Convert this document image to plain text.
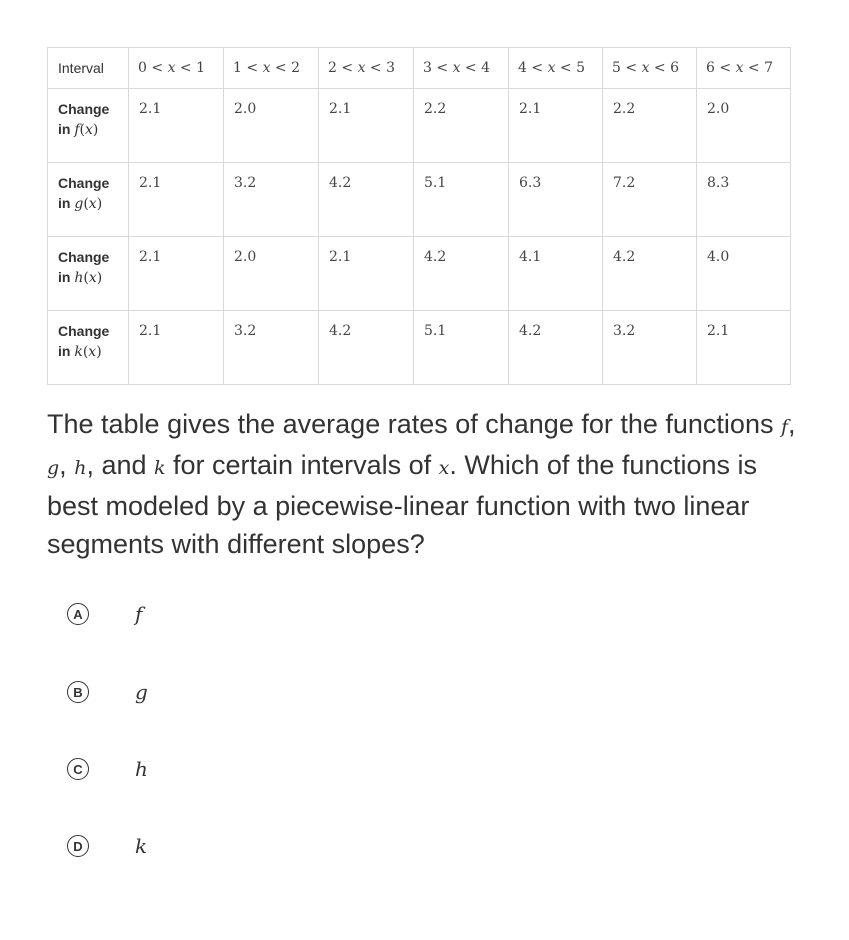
Interval	0 < x < 1	1 < x < 2	2 < x < 3	3 < x < 4	4 < x < 5	5 < x < 6	6 < x < 7
Change
in f(x)	2.1	2.0	2.1	2.2	2.1	2.2	2.0
Change
in g(x)	2.1	3.2	4.2	5.1	6.3	7.2	8.3
Change
in h(x)	2.1	2.0	2.1	4.2	4.1	4.2	4.0
Change
in k(x)	2.1	3.2	4.2	5.1	4.2	3.2	2.1
The table gives the average rates of change for the functions f, g, h, and k for certain intervals of x. Which of the functions is best modeled by a piecewise-linear function with two linear segments with different slopes?
A	f
B	g
C	h
D	k
